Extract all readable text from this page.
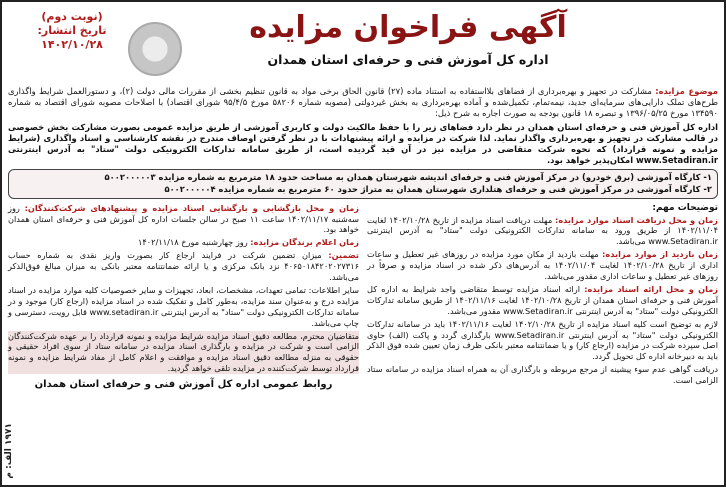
آگهی فراخوان مزایده
اداره کل آموزش فنی و حرفه‌ای استان همدان
(نوبت دوم)
تاریخ انتشار:
۱۴۰۲/۱۰/۲۸
موضوع مزایده: مشارکت در تجهیز و بهره‌برداری از فضاهای بلااستفاده به استناد ماده (۲۷) قانون الحاق برخی مواد به قانون تنظیم بخشی از مقررات مالی دولت (۲)، و دستورالعمل شرایط واگذاری طرح‌های تملک دارایی‌های سرمایه‌ای جدید، نیمه‌تمام، تکمیل‌شده و آماده بهره‌برداری به بخش غیردولتی (مصوبه شماره ۵۸۲۰۶ مورخ ۹۵/۴/۵ شورای اقتصاد) با اصلاحات مصوبه شورای اقتصاد به شماره ۱۳۴۵۹۰ مورخ ۱۳۹۶/۰۵/۲۵ و تبصره ۱۸ قانون بودجه به صورت اجاره به شرح ذیل:
اداره کل آموزش فنی و حرفه‌ای استان همدان در نظر دارد فضاهای زیر را با حفظ مالکیت دولت و کاربری آموزشی از طریق مزایده عمومی بصورت مشارکت بخش خصوصی در قالب مشارکت در تجهیز و بهره‌برداری واگذار نماید. لذا شرکت در مزایده و ارائه پیشنهادات با در نظر گرفتن اوصاف مندرج در نقشه کارشناسی و اسناد واگذاری (شرایط مزایده و نمونه قرارداد) که نحوه شرکت متقاضی در مزایده نیز در آن قید گردیده است، از طریق سامانه تدارکات الکترونیکی دولت "ستاد" به آدرس اینترنتی www.Setadiran.ir امکان‌پذیر خواهد بود.
۱- کارگاه آموزشی (برق خودرو) در مرکز آموزش فنی و حرفه‌ای اندیشه شهرستان همدان به مساحت حدود ۱۸ مترمربع به شماره مزایده ۵۰۰۲۰۰۰۰۰۳
۲- کارگاه آموزشی در مرکز آموزش فنی و حرفه‌ای هتلداری شهرستان همدان به متراژ حدود ۶۰ مترمربع به شماره مزایده ۵۰۰۲۰۰۰۰۰۴
توضیحات مهم:
زمان و محل دریافت اسناد موارد مزایده: مهلت دریافت اسناد مزایده از تاریخ ۱۴۰۲/۱۰/۲۸ لغایت ۱۴۰۲/۱۱/۰۴ از طریق ورود به سامانه تدارکات الکترونیکی دولت "ستاد" به آدرس اینترنتی www.Setadiran.ir می‌باشد.
زمان بازدید از موارد مزایده: مهلت بازدید از مکان مورد مزایده در روزهای غیر تعطیل و ساعات اداری از تاریخ ۱۴۰۲/۱۰/۲۸ لغایت ۱۴۰۲/۱۱/۰۴ به آدرس‌های ذکر شده در اسناد مزایده و صرفاً در روزهای غیر تعطیل و ساعات اداری مقدور می‌باشد.
زمان و محل ارائه اسناد مزایده: ارائه اسناد مزایده توسط متقاضی واجد شرایط به اداره کل آموزش فنی و حرفه‌ای استان همدان از تاریخ ۱۴۰۲/۱۰/۲۸ لغایت ۱۴۰۲/۱۱/۱۶ از طریق سامانه تدارکات الکترونیکی دولت "ستاد" به آدرس اینترنتی www.Setadiran.ir مقدور می‌باشد.
لازم به توضیح است کلیه اسناد مزایده از تاریخ ۱۴۰۲/۱۰/۲۸ لغایت ۱۴۰۲/۱۱/۱۶ باید در سامانه تدارکات الکترونیکی دولت "ستاد" به آدرس اینترنتی www.Setadiran.ir بارگذاری گردد و پاکت (الف) حاوی اصل سپرده شرکت در مزایده (ارجاع کار) و یا ضمانتنامه معتبر بانکی ظرف زمان تعیین شده فوق الذکر باید به دبیرخانه اداره کل تحویل گردد.
دریافت گواهی عدم سوء پیشینه از مرجع مربوطه و بارگذاری آن به همراه اسناد مزایده در سامانه ستاد الزامی است.
زمان و محل بازگشایی و بازگشایی اسناد مزایده و پیشنهادهای شرکت‌کنندگان: روز سه‌شنبه ۱۴۰۲/۱۱/۱۷ ساعت ۱۱ صبح در سالن جلسات اداره کل آموزش فنی و حرفه‌ای استان همدان خواهد بود.
زمان اعلام برندگان مزایده: روز چهارشنبه مورخ ۱۴۰۲/۱۱/۱۸
تضمین: میزان تضمین شرکت در فرایند ارجاع کار بصورت واریز نقدی به شماره حساب ۴۰۶۵۰۱۸۴۲۰۲۰۲۷۳۱۶ نزد بانک مرکزی و یا ارائه ضمانتنامه معتبر بانکی به میزان مبالغ فوق‌الذکر می‌باشد.
سایر اطلاعات: تمامی تعهدات، مشخصات، ابعاد، تجهیزات و سایر خصوصیات کلیه موارد مزایده در اسناد مزایده درج و به‌عنوان سند مزایده، به‌طور کامل و تفکیک شده در اسناد مزایده (ارجاع کار) موجود و در سامانه تدارکات الکترونیکی دولت "ستاد" به آدرس اینترنتی www.setadiran.ir قابل رویت، دسترسی و چاپ می‌باشد.
متقاضیان محترم، مطالعه دقیق اسناد مزایده شرایط مزایده و نمونه قرارداد را بر عهده شرکت‌کنندگان الزامی است و شرکت در مزایده و بارگذاری اسناد مزایده در سامانه ستاد از سوی افراد حقیقی و حقوقی به منزله مطالعه دقیق اسناد مزایده و موافقت و اعلام کامل از مفاد شرایط مزایده و نمونه قرارداد توسط شرکت‌کننده در مزایده تلقی خواهد گردید.
روابط عمومی اداره کل آموزش فنی و حرفه‌ای استان همدان
۱۹۷۱ الف: م
